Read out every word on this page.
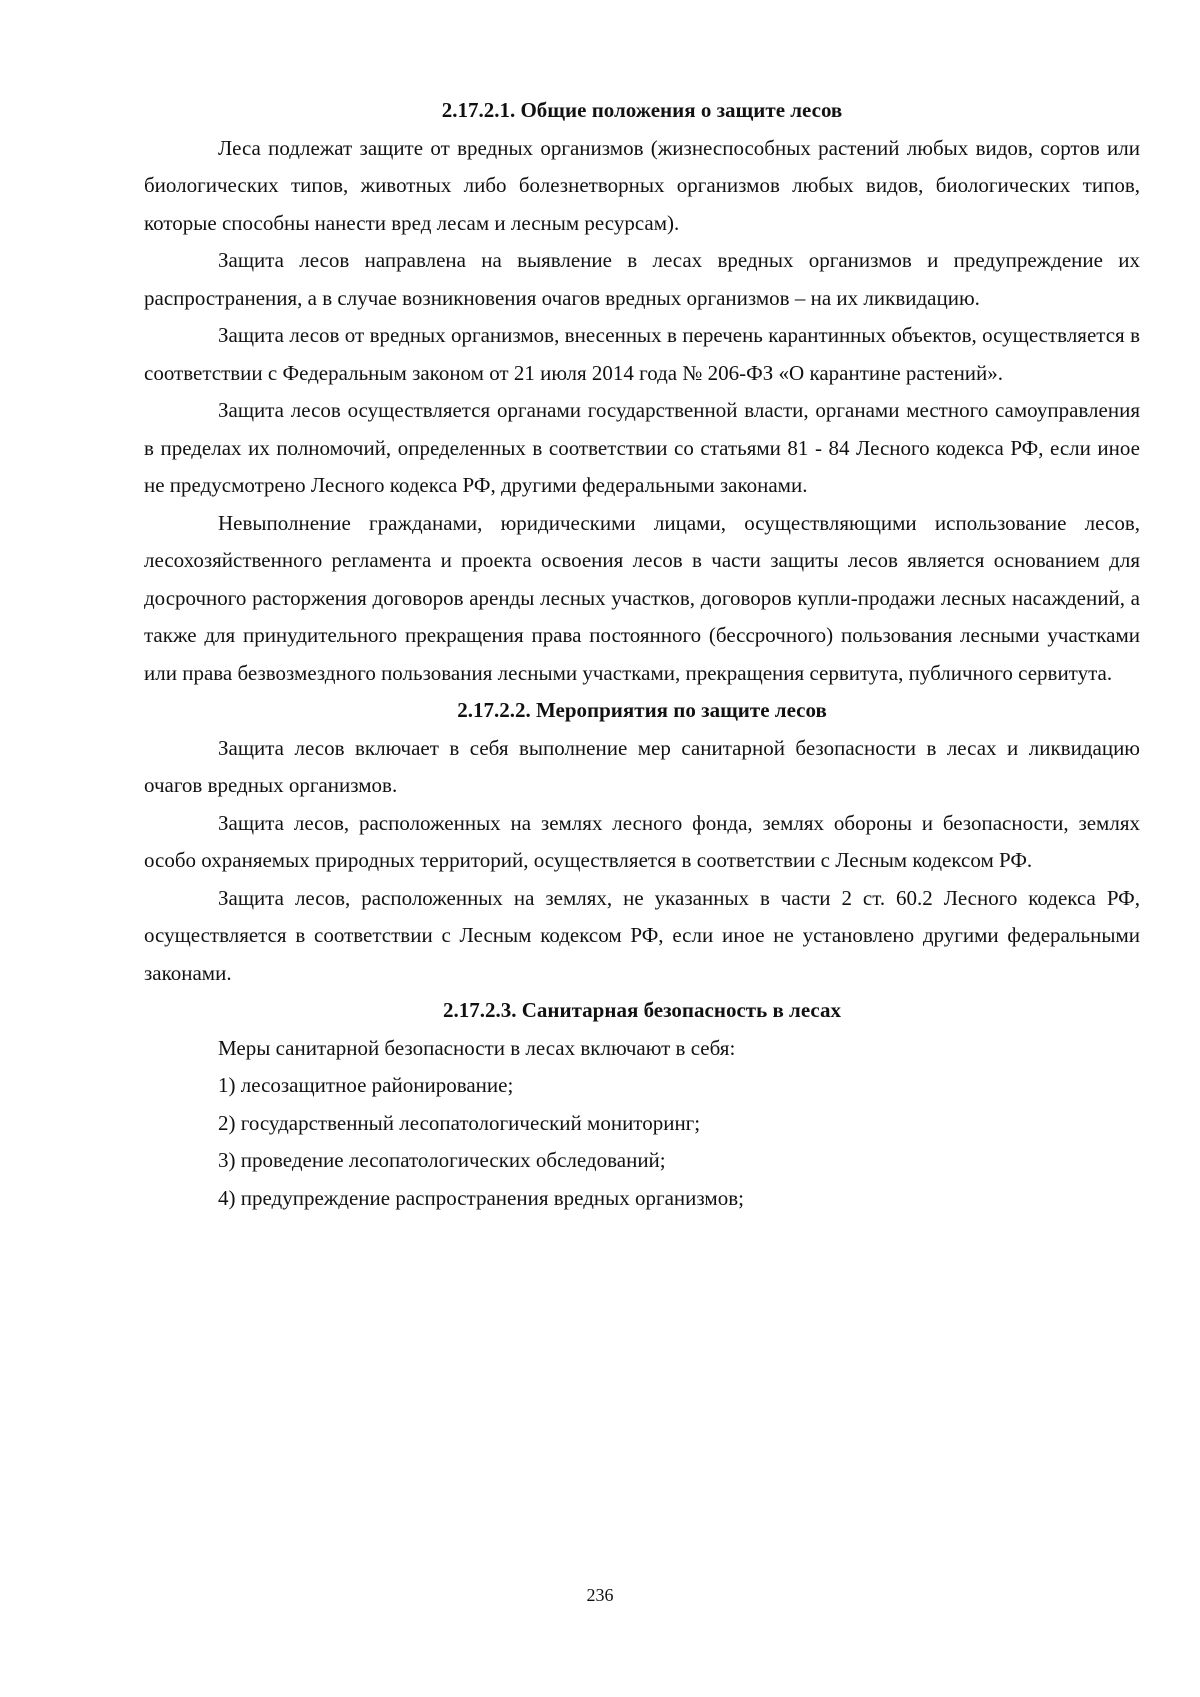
2.17.2.1. Общие положения о защите лесов

Леса подлежат защите от вредных организмов (жизнеспособных растений любых видов, сортов или биологических типов, животных либо болезнетворных организмов любых видов, биологических типов, которые способны нанести вред лесам и лесным ресурсам).

Защита лесов направлена на выявление в лесах вредных организмов и предупреждение их распространения, а в случае возникновения очагов вредных организмов – на их ликвидацию.

Защита лесов от вредных организмов, внесенных в перечень карантинных объектов, осуществляется в соответствии с Федеральным законом от 21 июля 2014 года № 206-ФЗ «О карантине растений».

Защита лесов осуществляется органами государственной власти, органами местного самоуправления в пределах их полномочий, определенных в соответствии со статьями 81 - 84 Лесного кодекса РФ, если иное не предусмотрено Лесного кодекса РФ, другими федеральными законами.

Невыполнение гражданами, юридическими лицами, осуществляющими использование лесов, лесохозяйственного регламента и проекта освоения лесов в части защиты лесов является основанием для досрочного расторжения договоров аренды лесных участков, договоров купли-продажи лесных насаждений, а также для принудительного прекращения права постоянного (бессрочного) пользования лесными участками или права безвозмездного пользования лесными участками, прекращения сервитута, публичного сервитута.

2.17.2.2. Мероприятия по защите лесов

Защита лесов включает в себя выполнение мер санитарной безопасности в лесах и ликвидацию очагов вредных организмов.

Защита лесов, расположенных на землях лесного фонда, землях обороны и безопасности, землях особо охраняемых природных территорий, осуществляется в соответствии с Лесным кодексом РФ.

Защита лесов, расположенных на землях, не указанных в части 2 ст. 60.2 Лесного кодекса РФ, осуществляется в соответствии с Лесным кодексом РФ, если иное не установлено другими федеральными законами.

2.17.2.3. Санитарная безопасность в лесах

Меры санитарной безопасности в лесах включают в себя:

1) лесозащитное районирование;

2) государственный лесопатологический мониторинг;

3) проведение лесопатологических обследований;

4) предупреждение распространения вредных организмов;

236
